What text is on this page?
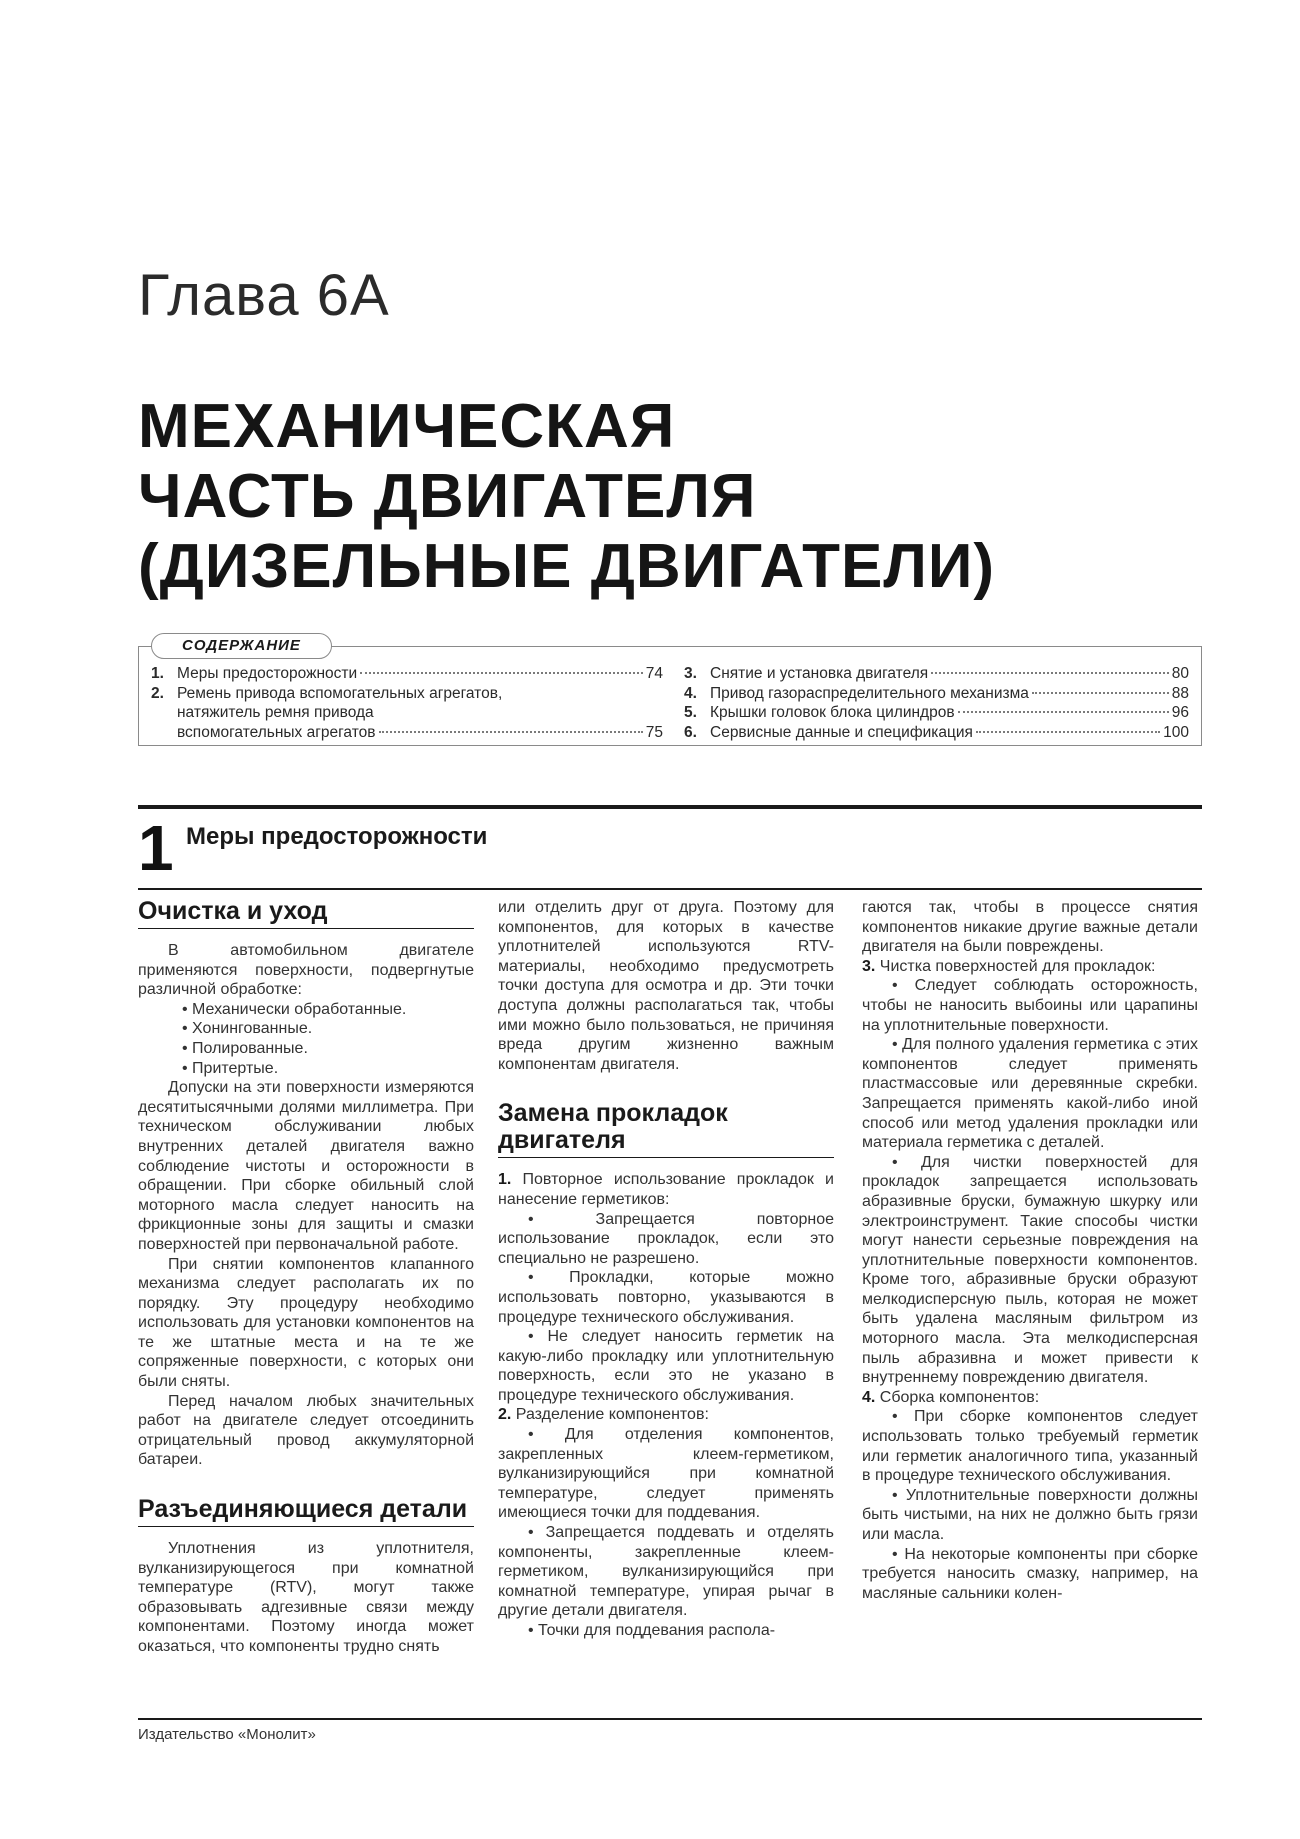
Глава 6А
МЕХАНИЧЕСКАЯ
ЧАСТЬ ДВИГАТЕЛЯ
(ДИЗЕЛЬНЫЕ ДВИГАТЕЛИ)
СОДЕРЖАНИЕ
1. Меры предосторожности	74
2. Ремень привода вспомогательных агрегатов,
натяжитель ремня привода
вспомогательных агрегатов	75
3. Снятие и установка двигателя	80
4. Привод газораспределительного механизма	88
5. Крышки головок блока цилиндров	96
6. Сервисные данные и спецификация	100
1 Меры предосторожности
Очистка и уход

В автомобильном двигателе применяются поверхности, подвергнутые различной обработке:

• Механически обработанные.

• Хонингованные.

• Полированные.

• Притертые.

Допуски на эти поверхности измеряются десятитысячными долями миллиметра. При техническом обслуживании любых внутренних деталей двигателя важно соблюдение чистоты и осторожности в обращении. При сборке обильный слой моторного масла следует наносить на фрикционные зоны для защиты и смазки поверхностей при первоначальной работе.

При снятии компонентов клапанного механизма следует располагать их по порядку. Эту процедуру необходимо использовать для установки компонентов на те же штатные места и на те же сопряженные поверхности, с которых они были сняты.

Перед началом любых значительных работ на двигателе следует отсоединить отрицательный провод аккумуляторной батареи.

Разъединяющиеся детали

Уплотнения из уплотнителя, вулканизирующегося при комнатной температуре (RTV), могут также образовывать адгезивные связи между компонентами. Поэтому иногда может оказаться, что компоненты трудно снять

или отделить друг от друга. Поэтому для компонентов, для которых в качестве уплотнителей используются RTV-материалы, необходимо предусмотреть точки доступа для осмотра и др. Эти точки доступа должны располагаться так, чтобы ими можно было пользоваться, не причиняя вреда другим жизненно важным компонентам двигателя.

Замена прокладок двигателя

1. Повторное использование прокладок и нанесение герметиков:

• Запрещается повторное использование прокладок, если это специально не разрешено.

• Прокладки, которые можно использовать повторно, указываются в процедуре технического обслуживания.

• Не следует наносить герметик на какую-либо прокладку или уплотнительную поверхность, если это не указано в процедуре технического обслуживания.

2. Разделение компонентов:

• Для отделения компонентов, закрепленных клеем-герметиком, вулканизирующийся при комнатной температуре, следует применять имеющиеся точки для поддевания.

• Запрещается поддевать и отделять компоненты, закрепленные клеем-герметиком, вулканизирующийся при комнатной температуре, упирая рычаг в другие детали двигателя.

• Точки для поддевания распола-

гаются так, чтобы в процессе снятия компонентов никакие другие важные детали двигателя на были повреждены.

3. Чистка поверхностей для прокладок:

• Следует соблюдать осторожность, чтобы не наносить выбоины или царапины на уплотнительные поверхности.

• Для полного удаления герметика с этих компонентов следует применять пластмассовые или деревянные скребки. Запрещается применять какой-либо иной способ или метод удаления прокладки или материала герметика с деталей.

• Для чистки поверхностей для прокладок запрещается использовать абразивные бруски, бумажную шкурку или электроинструмент. Такие способы чистки могут нанести серьезные повреждения на уплотнительные поверхности компонентов. Кроме того, абразивные бруски образуют мелкодисперсную пыль, которая не может быть удалена масляным фильтром из моторного масла. Эта мелкодисперсная пыль абразивна и может привести к внутреннему повреждению двигателя.

4. Сборка компонентов:

• При сборке компонентов следует использовать только требуемый герметик или герметик аналогичного типа, указанный в процедуре технического обслуживания.

• Уплотнительные поверхности должны быть чистыми, на них не должно быть грязи или масла.

• На некоторые компоненты при сборке требуется наносить смазку, например, на масляные сальники колен-

Издательство «Монолит»
